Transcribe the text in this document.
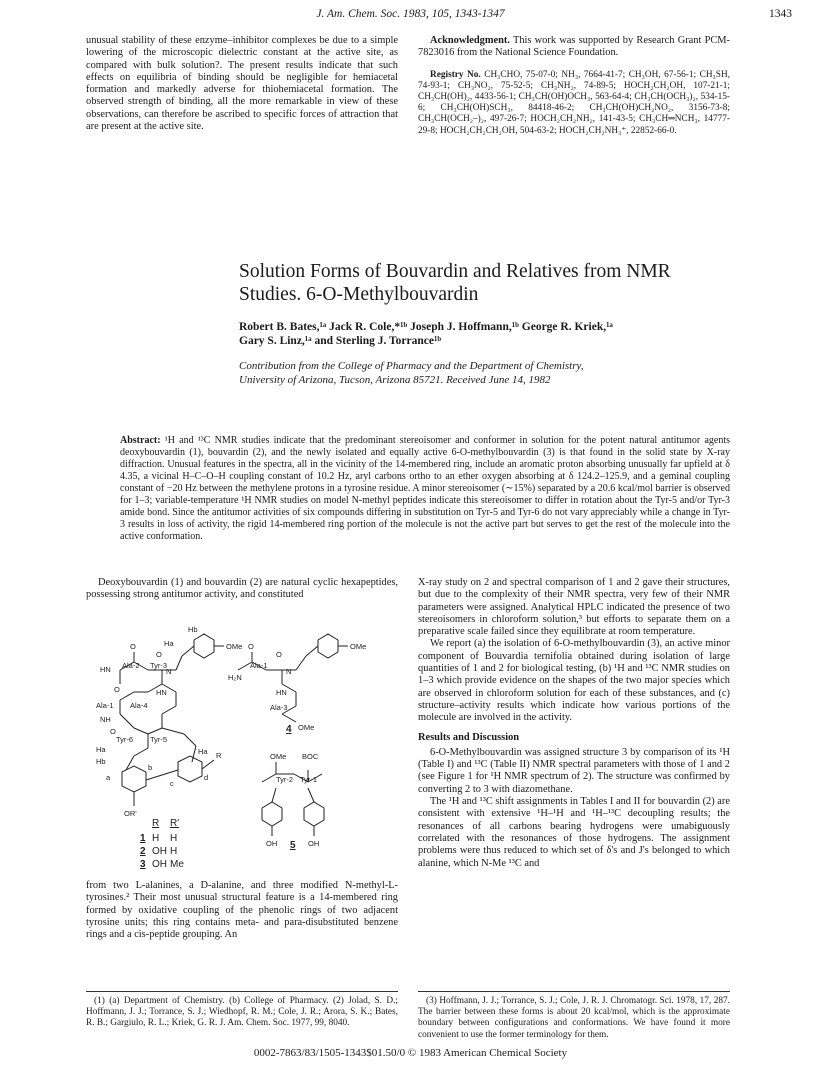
J. Am. Chem. Soc. 1983, 105, 1343-1347	1343

unusual stability of these enzyme–inhibitor complexes be due to a simple lowering of the microscopic dielectric constant at the active site, as compared with bulk solution?. The present results indicate that such effects on equilibria of binding should be negligible for hemiacetal formation and markedly adverse for thiohemiacetal formation. The observed strength of binding, all the more remarkable in view of these observations, can therefore be ascribed to specific forces of attraction that are present at the active site.

Acknowledgment. This work was supported by Research Grant PCM-7823016 from the National Science Foundation.

Registry No. CH₃CHO, 75-07-0; NH₃, 7664-41-7; CH₃OH, 67-56-1; CH₃SH, 74-93-1; CH₃NO₂, 75-52-5; CH₃NH₂, 74-89-5; HOCH₂CH₂OH, 107-21-1; CH₃CH(OH)₂, 4433-56-1; CH₃CH(OH)OCH₃, 563-64-4; CH₃CH(OCH₃)₂, 534-15-6; CH₃CH(OH)SCH₃, 84418-46-2; CH₃CH(OH)CH₂NO₂, 3156-73-8; CH₃CH(OCH₂–)₂, 497-26-7; HOCH₂CH₂NH₂, 141-43-5; CH₃CH═NCH₃, 14777-29-8; HOCH₂CH₂CH₂OH, 504-63-2; HOCH₂CH₂NH₃⁺, 22852-66-0.

Solution Forms of Bouvardin and Relatives from NMR
Studies. 6-O-Methylbouvardin
Robert B. Bates,¹ᵃ Jack R. Cole,*¹ᵇ Joseph J. Hoffmann,¹ᵇ George R. Kriek,¹ᵃ
Gary S. Linz,¹ᵃ and Sterling J. Torrance¹ᵇ
Contribution from the College of Pharmacy and the Department of Chemistry,
University of Arizona, Tucson, Arizona 85721. Received June 14, 1982
Abstract: ¹H and ¹³C NMR studies indicate that the predominant stereoisomer and conformer in solution for the potent natural antitumor agents deoxybouvardin (1), bouvardin (2), and the newly isolated and equally active 6-O-methylbouvardin (3) is that found in the solid state by X-ray diffraction. Unusual features in the spectra, all in the vicinity of the 14-membered ring, include an aromatic proton absorbing unusually far upfield at δ 4.35, a vicinal H–C–O–H coupling constant of 10.2 Hz, aryl carbons ortho to an ether oxygen absorbing at δ 124.2–125.9, and a geminal coupling constant of −20 Hz between the methylene protons in a tyrosine residue. A minor stereoisomer (∼15%) separated by a 20.6 kcal/mol barrier is observed for 1–3; variable-temperature ¹H NMR studies on model N-methyl peptides indicate this stereoisomer to differ in rotation about the Tyr-5 and/or Tyr-3 amide bond. Since the antitumor activities of six compounds differing in substitution on Tyr-5 and Tyr-6 do not vary appreciably while a change in Tyr-3 results in loss of activity, the rigid 14-membered ring portion of the molecule is not the active part but serves to get the rest of the molecule into the active conformation.

Deoxybouvardin (1) and bouvardin (2) are natural cyclic hexapeptides, possessing strong antitumor activity, and constituted

OMe
Hb
Ha
O
O
HN Ala-2 Tyr-3
N
O	HN
Ala-1 Ala-4
NH
O
Tyr-6 Tyr-5
Ha	Ha
Hb
a
b
c
d
R
OR'
OMe
O
O
H₂N
Ala-1
N
HN
Ala-3
OMe
OMe BOC
Tyr-2 Tyr-1
OH	OH
4
5
R R'
1 H H
2 OH H
3 OH Me

from two L-alanines, a D-alanine, and three modified N-methyl-L-tyrosines.² Their most unusual structural feature is a 14-membered ring formed by oxidative coupling of the phenolic rings of two adjacent tyrosine units; this ring contains meta- and para-disubstituted benzene rings and a cis-peptide grouping. An

X-ray study on 2 and spectral comparison of 1 and 2 gave their structures, but due to the complexity of their NMR spectra, very few of their NMR parameters were assigned. Analytical HPLC indicated the presence of two stereoisomers in chloroform solution,³ but efforts to separate them on a preparative scale failed since they equilibrate at room temperature.

We report (a) the isolation of 6-O-methylbouvardin (3), an active minor component of Bouvardia ternifolia obtained during isolation of large quantities of 1 and 2 for biological testing, (b) ¹H and ¹³C NMR studies on 1–3 which provide evidence on the shapes of the two major species which are observed in chloroform solution for each of these substances, and (c) structure–activity results which indicate how various portions of the molecule are involved in the activity.

Results and Discussion

6-O-Methylbouvardin was assigned structure 3 by comparison of its ¹H (Table I) and ¹³C (Table II) NMR spectral parameters with those of 1 and 2 (see Figure 1 for ¹H NMR spectrum of 2). The structure was confirmed by converting 2 to 3 with diazomethane.

The ¹H and ¹³C shift assignments in Tables I and II for bouvardin (2) are consistent with extensive ¹H–¹H and ¹H–¹³C decoupling results; the resonances of all carbons bearing hydrogens were umabiguously correlated with the resonances of those hydrogens. The assignment problems were thus reduced to which set of δ's and J's belonged to which alanine, which N-Me ¹³C and

(1) (a) Department of Chemistry. (b) College of Pharmacy. (2) Jolad, S. D.; Hoffmann, J. J.; Torrance, S. J.; Wiedhopf, R. M.; Cole, J. R.; Arora, S. K.; Bates, R. B.; Gargiulo, R. L.; Kriek, G. R. J. Am. Chem. Soc. 1977, 99, 8040.

(3) Hoffmann, J. J.; Torrance, S. J.; Cole, J. R. J. Chromatogr. Sci. 1978, 17, 287. The barrier between these forms is about 20 kcal/mol, which is the approximate boundary between configurations and conformations. We have found it more convenient to use the former terminology for them.

0002-7863/83/1505-1343$01.50/0 © 1983 American Chemical Society
